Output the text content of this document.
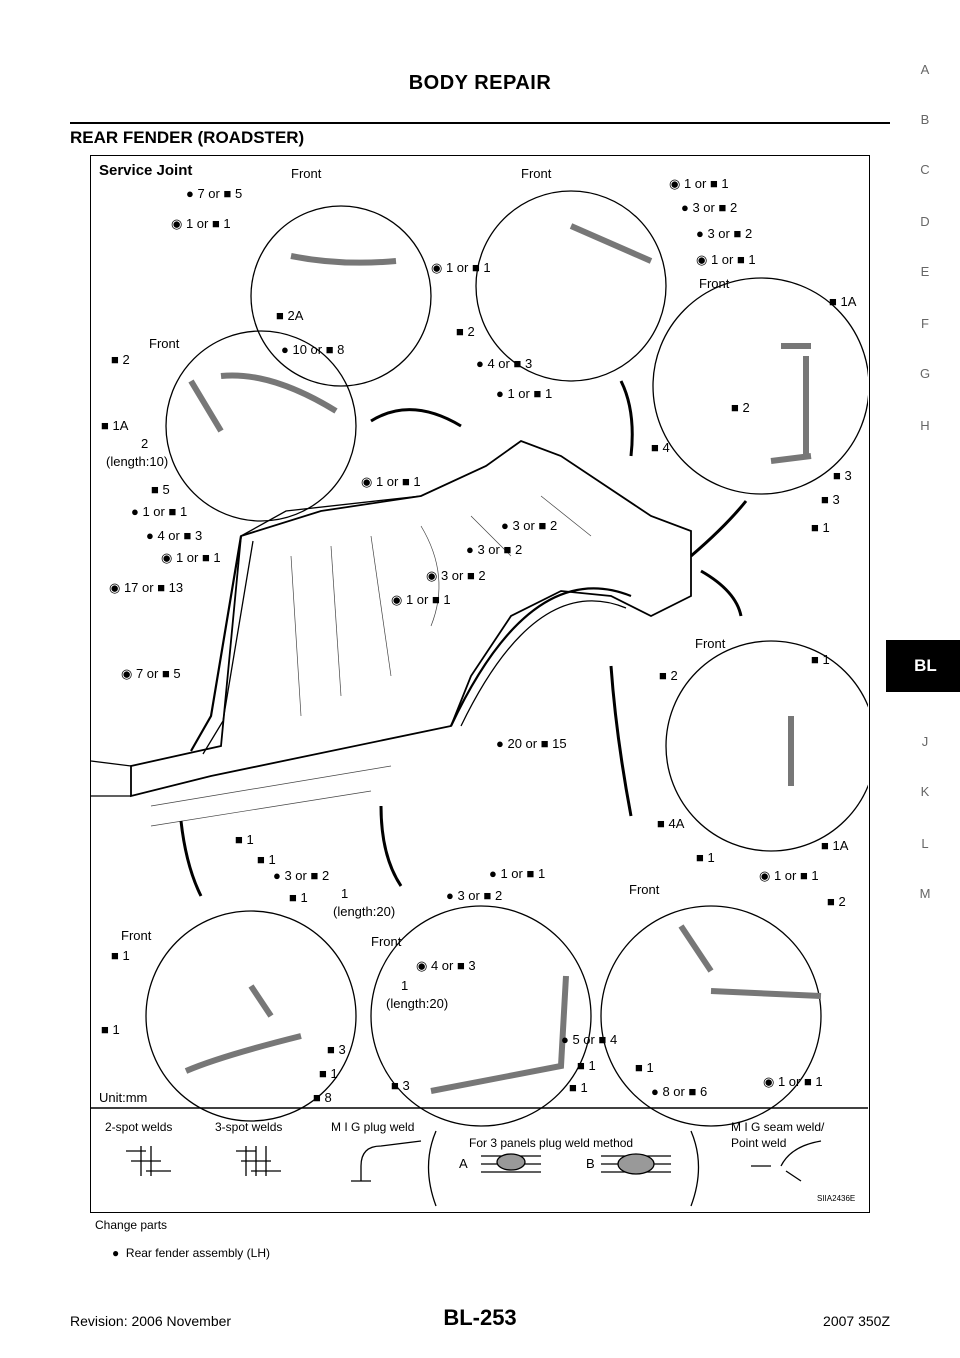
BODY REPAIR
REAR FENDER (ROADSTER)
A
B
C
D
E
F
G
H
BL
J
K
L
M
Service Joint	Front	Front
Front
Front
Front
Front	Front
Front
● 7 or ■ 5
◉ 1 or ■ 1
■ 2A
● 10 or ■ 8
■ 2
■ 1A
2
(length:10)
■ 5
● 1 or ■ 1
● 4 or ■ 3
◉ 1 or ■ 1
◉ 17 or ■ 13
◉ 7 or ■ 5
◉ 1 or ■ 1
● 3 or ■ 2
● 3 or ■ 2
◉ 3 or ■ 2
◉ 1 or ■ 1
● 20 or ■ 15
◉ 1 or ■ 1
● 3 or ■ 2
◉ 1 or ■ 1
■ 2
● 4 or ■ 3
● 1 or ■ 1
● 3 or ■ 2
◉ 1 or ■ 1
■ 1A
■ 2
■ 4
■ 3
■ 3
■ 1
■ 1
■ 2
■ 4A
■ 1
■ 1A
■ 1
■ 1
● 3 or ■ 2
■ 1	1
(length:20)
■ 1
■ 1
■ 3
■ 1
■ 8
● 1 or ■ 1
● 3 or ■ 2
◉ 4 or ■ 3
1
(length:20)
● 5 or ■ 4
■ 1
■ 3	■ 1
◉ 1 or ■ 1
■ 2
■ 1
● 8 or ■ 6
◉ 1 or ■ 1
Unit:mm
2-spot welds	3-spot welds	M I G plug weld
For 3 panels plug weld method
A	B
M I G seam weld/
Point weld
SIIA2436E
Change parts
●  Rear fender assembly (LH)
Revision: 2006 November	BL-253	2007 350Z
